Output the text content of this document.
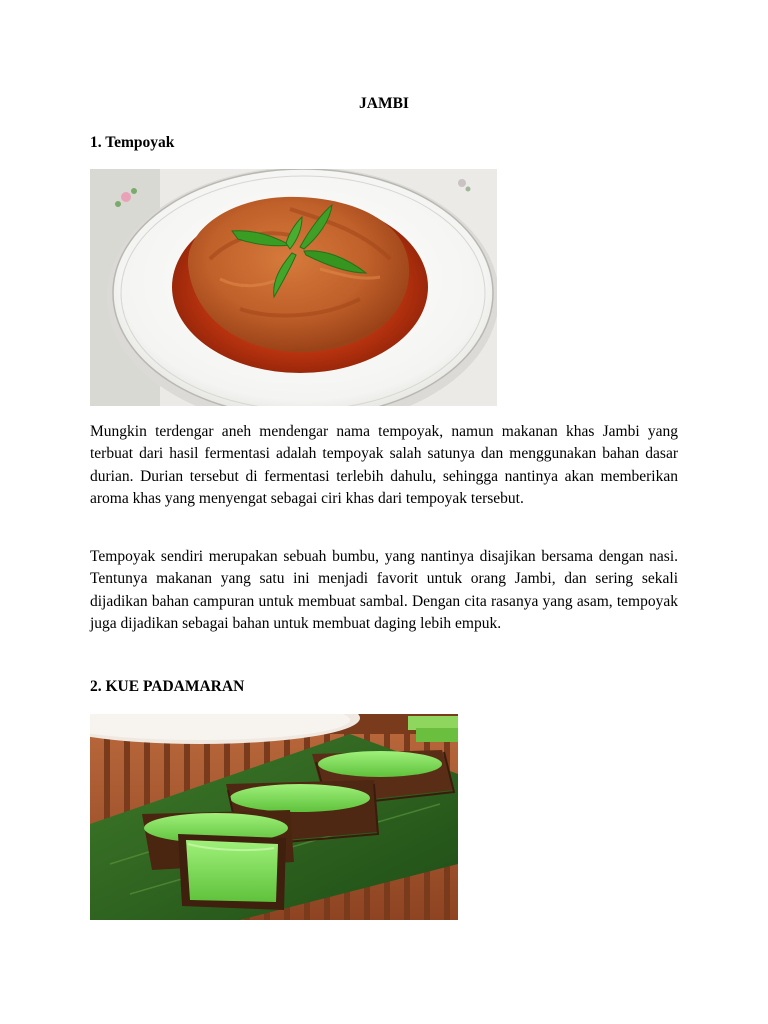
JAMBI
1. Tempoyak

Mungkin terdengar aneh mendengar nama tempoyak, namun makanan khas Jambi yang terbuat dari hasil fermentasi adalah tempoyak salah satunya dan menggunakan bahan dasar durian. Durian tersebut di fermentasi terlebih dahulu, sehingga nantinya akan memberikan aroma khas yang menyengat sebagai ciri khas dari tempoyak tersebut.

Tempoyak sendiri merupakan sebuah bumbu, yang nantinya disajikan bersama dengan nasi. Tentunya makanan yang satu ini menjadi favorit untuk orang Jambi, dan sering sekali dijadikan bahan campuran untuk membuat sambal. Dengan cita rasanya yang asam, tempoyak juga dijadikan sebagai bahan untuk membuat daging lebih empuk.

2. KUE PADAMARAN
